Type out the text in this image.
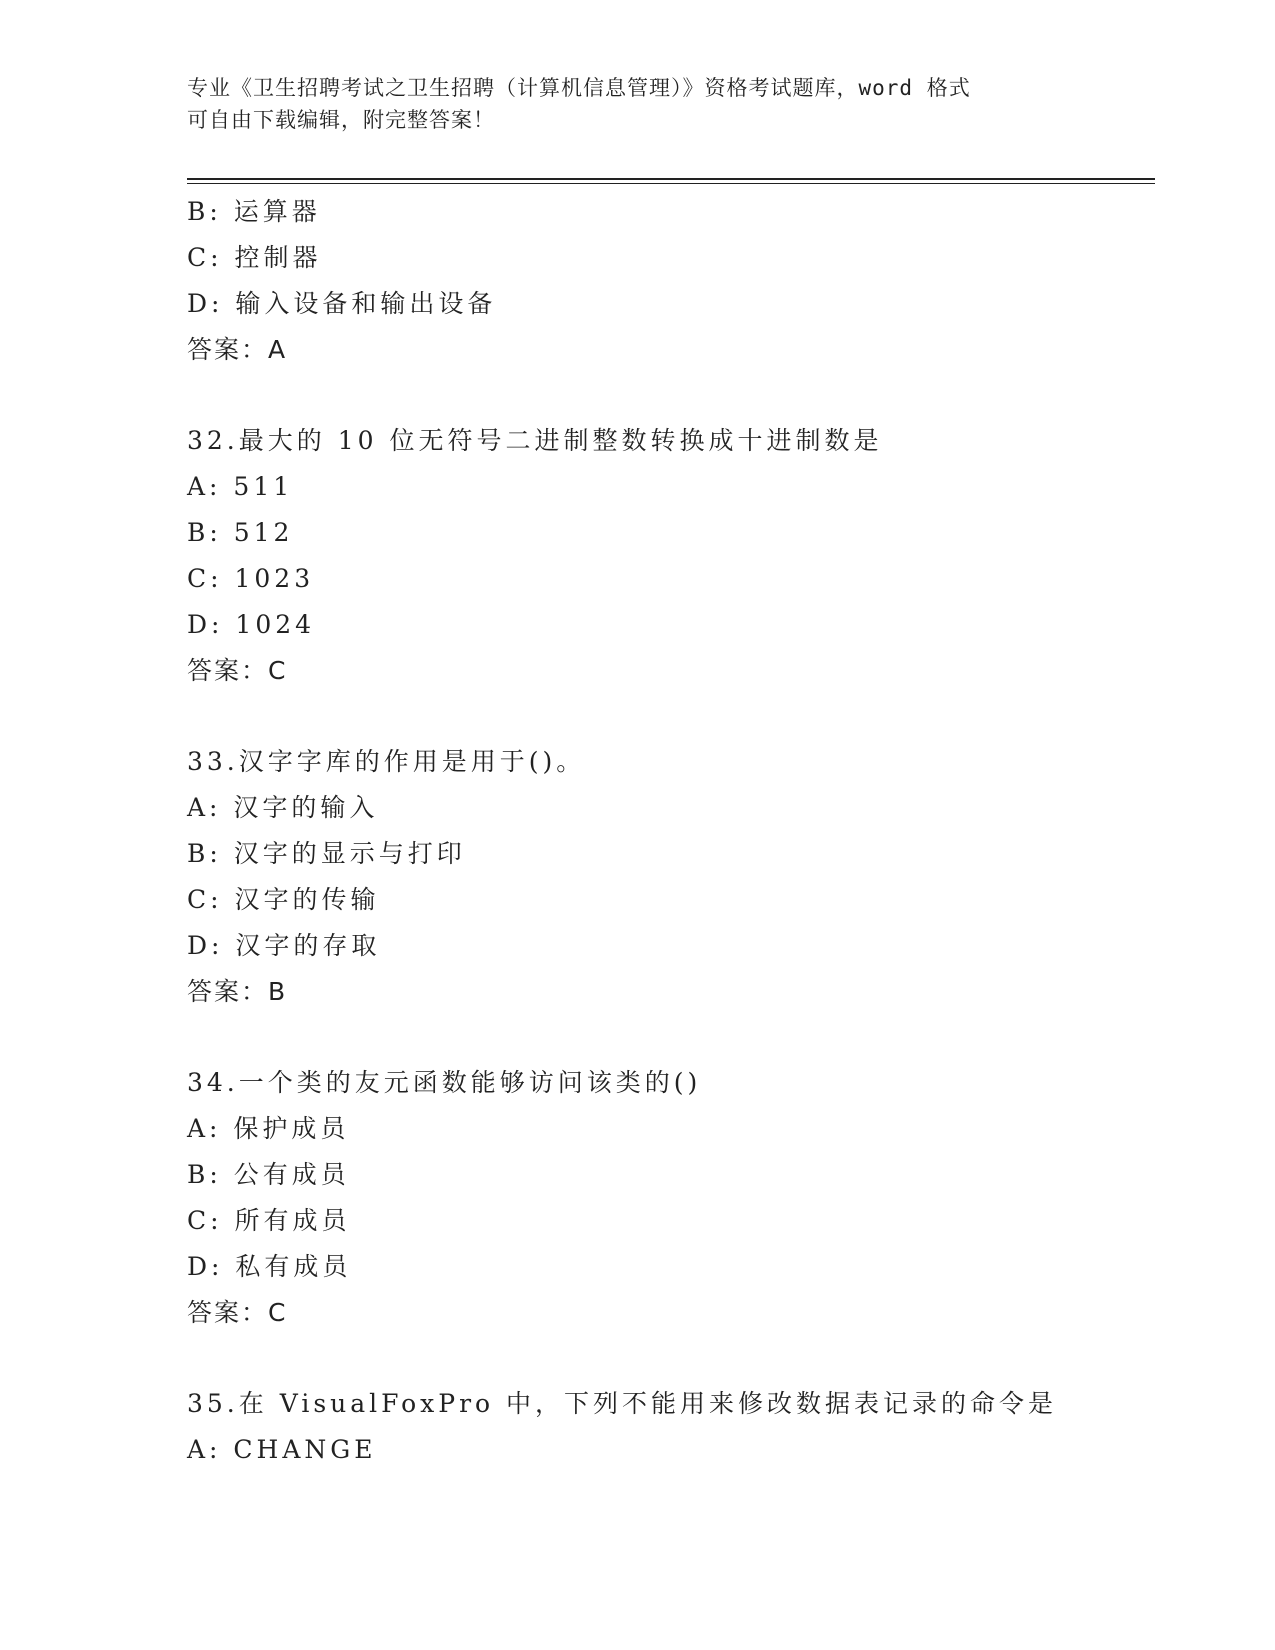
专业《卫生招聘考试之卫生招聘（计算机信息管理）》资格考试题库，word 格式
可自由下载编辑，附完整答案！
B: 运算器
C: 控制器
D: 输入设备和输出设备
答案：A
32.最大的 10 位无符号二进制整数转换成十进制数是
A: 511
B: 512
C: 1023
D: 1024
答案：C
33.汉字字库的作用是用于()。
A: 汉字的输入
B: 汉字的显示与打印
C: 汉字的传输
D: 汉字的存取
答案：B
34.一个类的友元函数能够访问该类的()
A: 保护成员
B: 公有成员
C: 所有成员
D: 私有成员
答案：C
35.在 VisualFoxPro 中，下列不能用来修改数据表记录的命令是
A: CHANGE
